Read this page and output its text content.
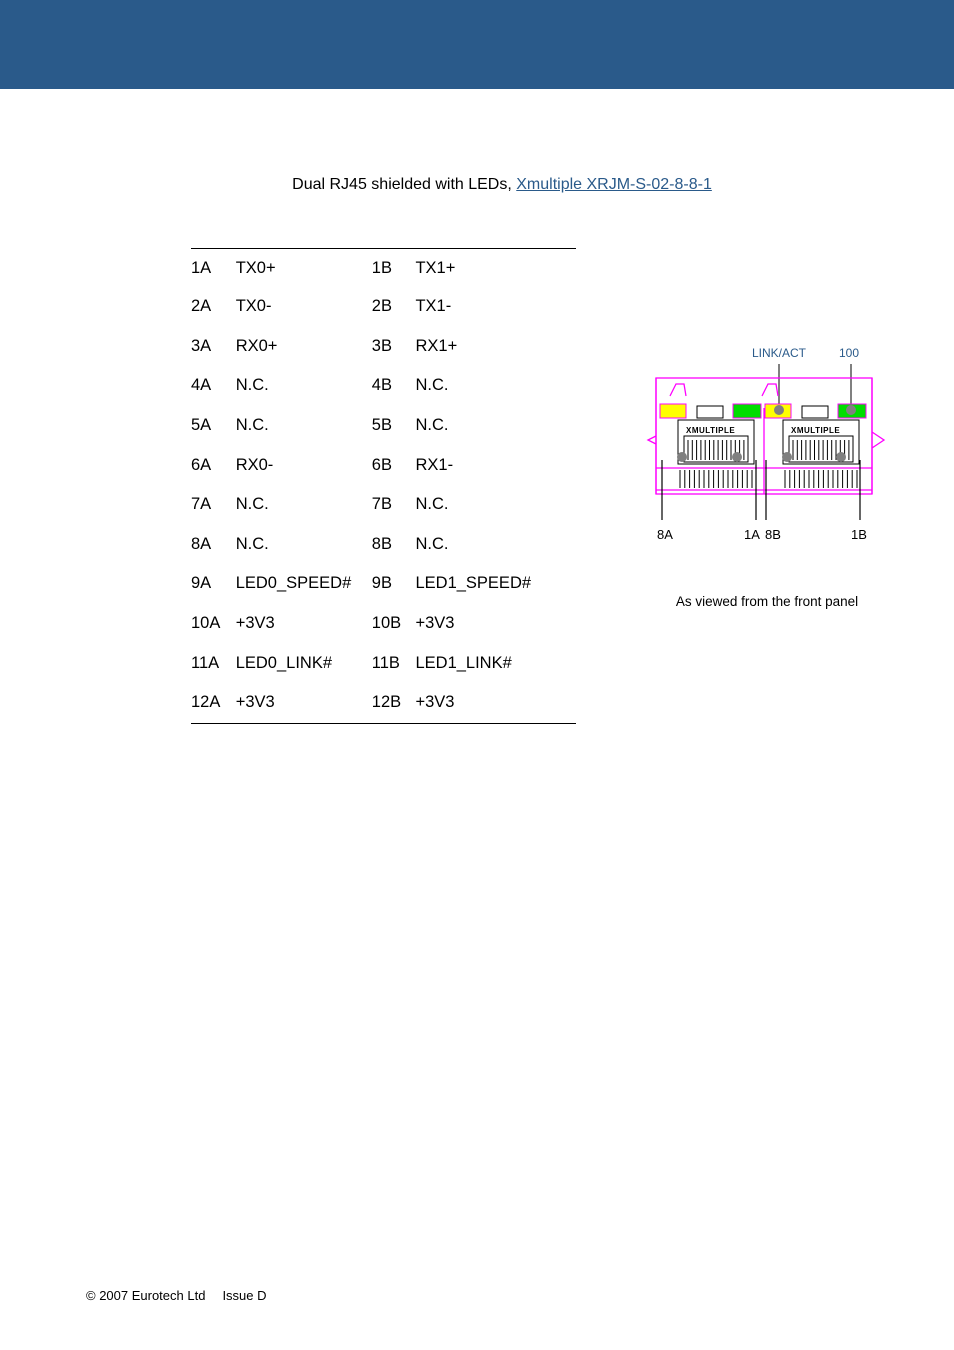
Dual RJ45 shielded with LEDs, Xmultiple XRJM-S-02-8-8-1
1A	TX0+	1B	TX1+
2A	TX0-	2B	TX1-
3A	RX0+	3B	RX1+
4A	N.C.	4B	N.C.
5A	N.C.	5B	N.C.
6A	RX0-	6B	RX1-
7A	N.C.	7B	N.C.
8A	N.C.	8B	N.C.
9A	LED0_SPEED#	9B	LED1_SPEED#
10A	+3V3	10B	+3V3
11A	LED0_LINK#	11B	LED1_LINK#
12A	+3V3	12B	+3V3
LINK/ACT	100
XMULTIPLE	XMULTIPLE
8A	1A 8B	1B
As viewed from the front panel
© 2007 Eurotech Ltd Issue D
